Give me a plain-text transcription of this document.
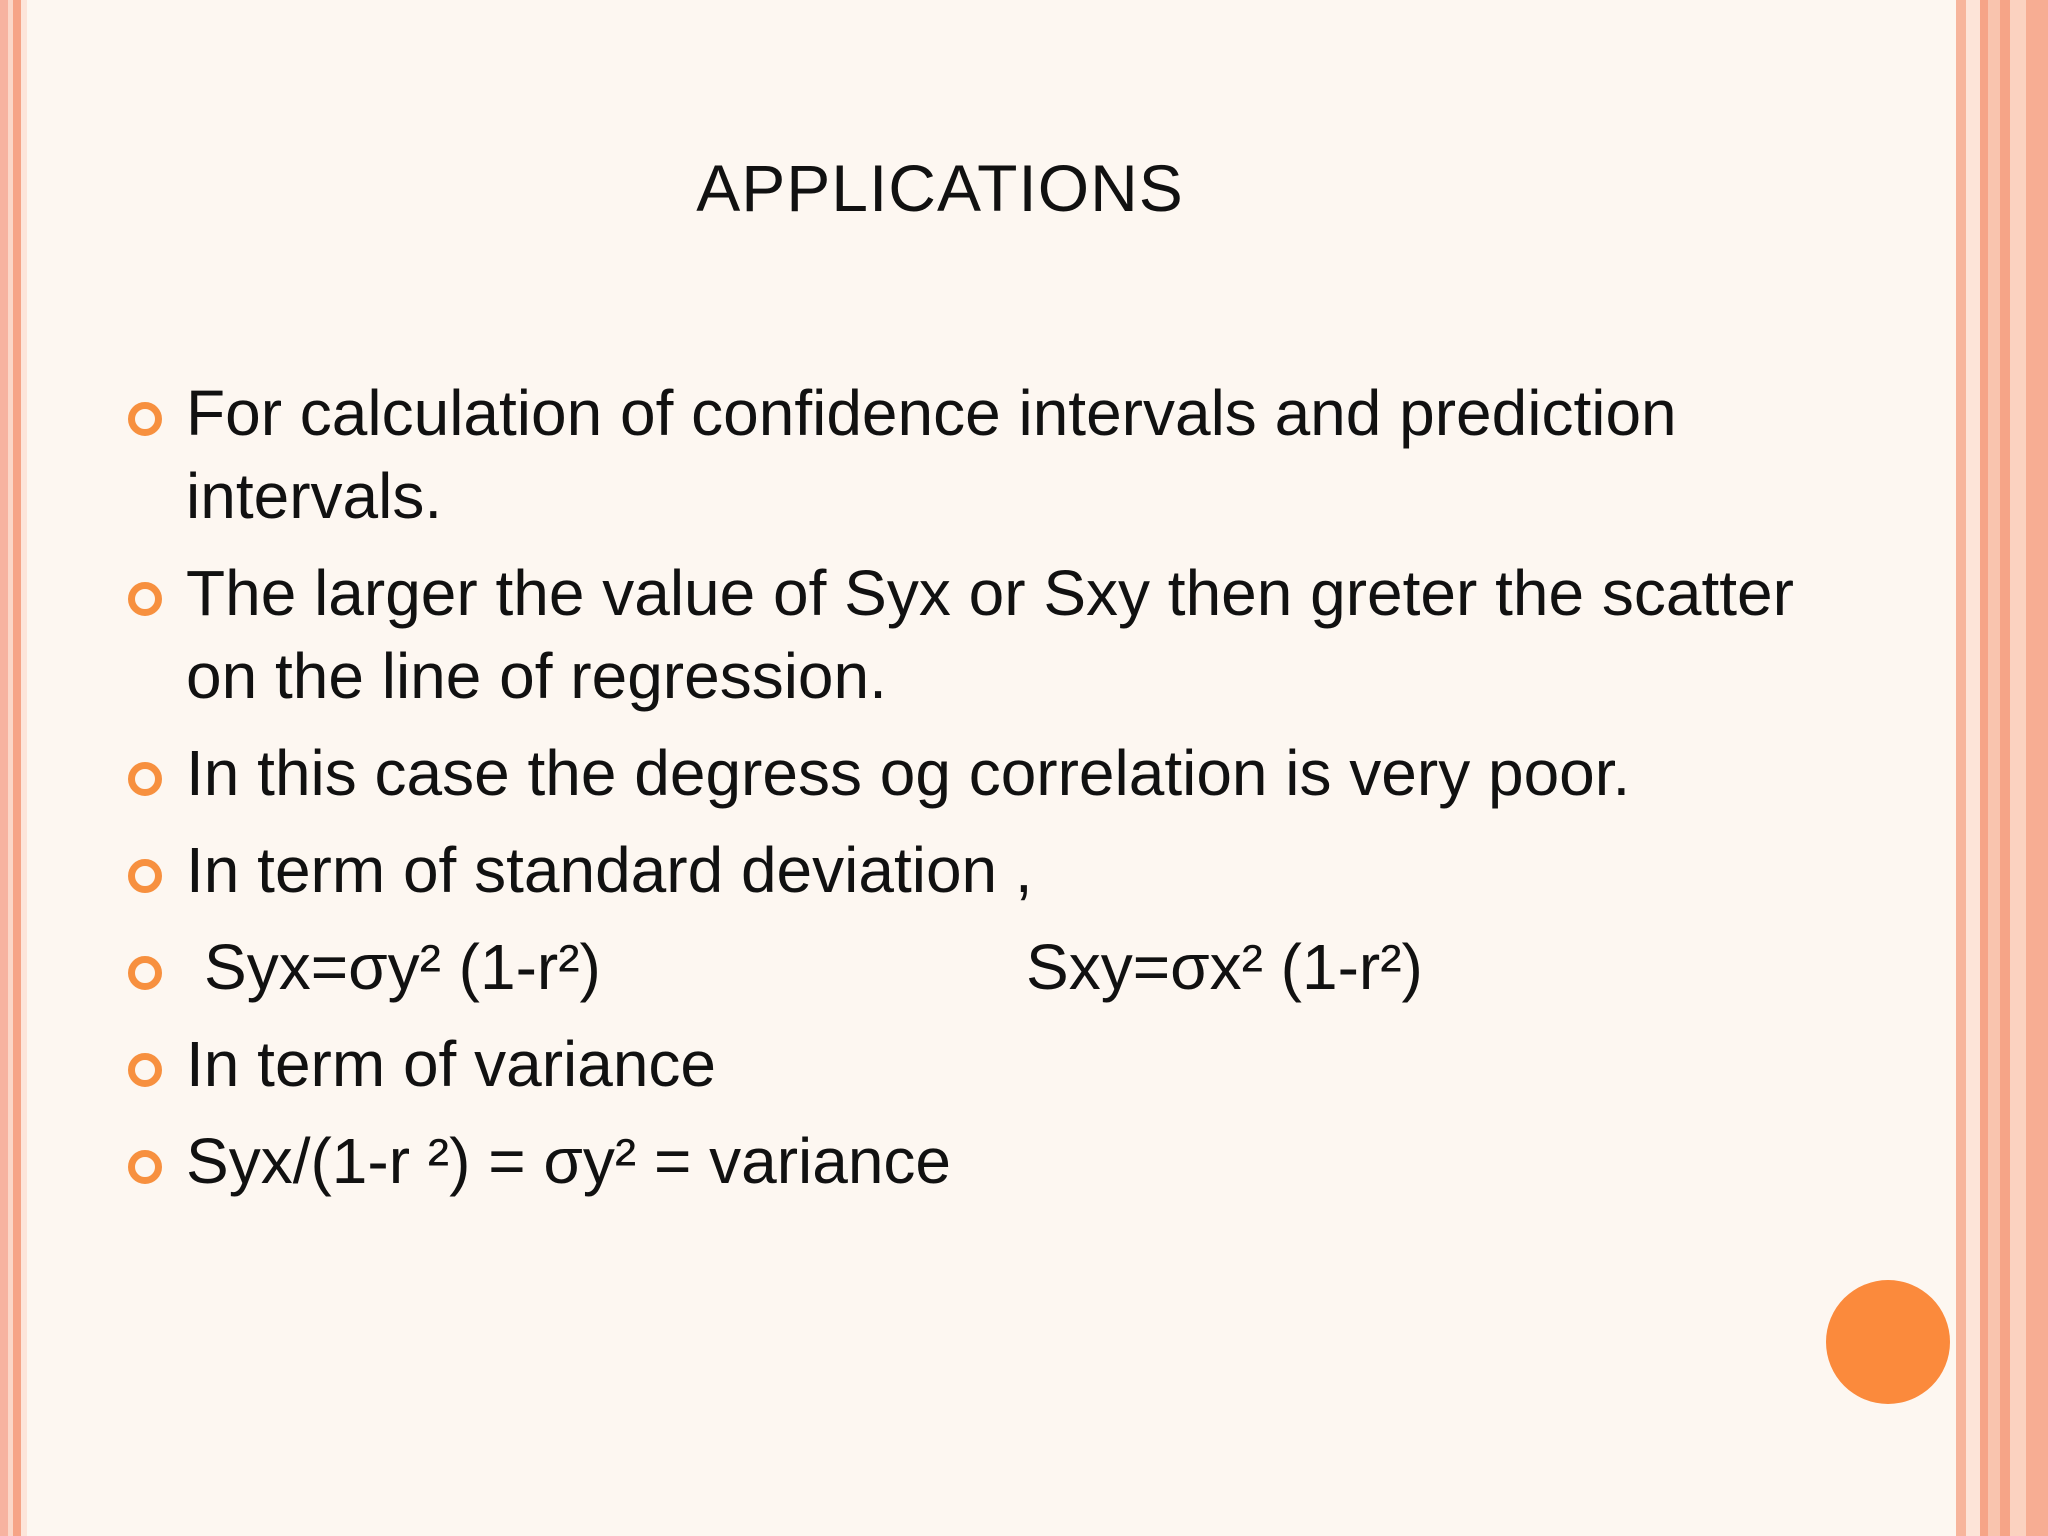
APPLICATIONS
For calculation of confidence intervals and prediction intervals.
The larger the value of Syx or Sxy then greter the scatter on the line of regression.
In this case the degress og correlation is very poor.
In term of standard deviation ,
Syx=σy² (1-r²)	Sxy=σx² (1-r²)
In term of variance
Syx/(1-r ²) = σy² = variance
